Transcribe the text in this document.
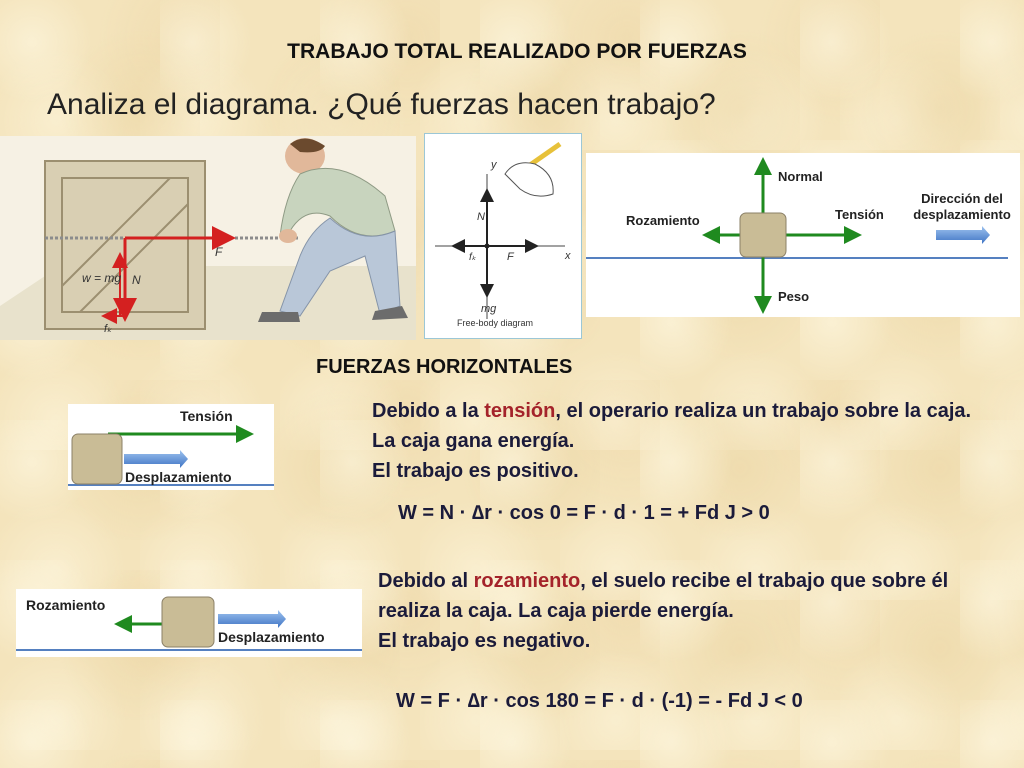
TRABAJO TOTAL REALIZADO POR FUERZAS
Analiza el diagrama. ¿Qué fuerzas hacen trabajo?
w = mg N
F
fₖ
y
x
N
F
fₖ
mg
Free-body diagram
Normal
Tensión
Rozamiento
Peso
Dirección del
desplazamiento
FUERZAS HORIZONTALES
Tensión
Desplazamiento
Debido a la tensión, el operario realiza un trabajo sobre la caja. La caja gana energía.
El trabajo es positivo.
W = N · ∆r · cos 0 = F · d · 1 = + Fd J > 0
Rozamiento
Desplazamiento
Debido al rozamiento, el suelo recibe el trabajo que sobre él realiza la caja. La caja pierde energía.
El trabajo es negativo.
W = F · ∆r · cos 180 = F · d · (-1) = - Fd J < 0
